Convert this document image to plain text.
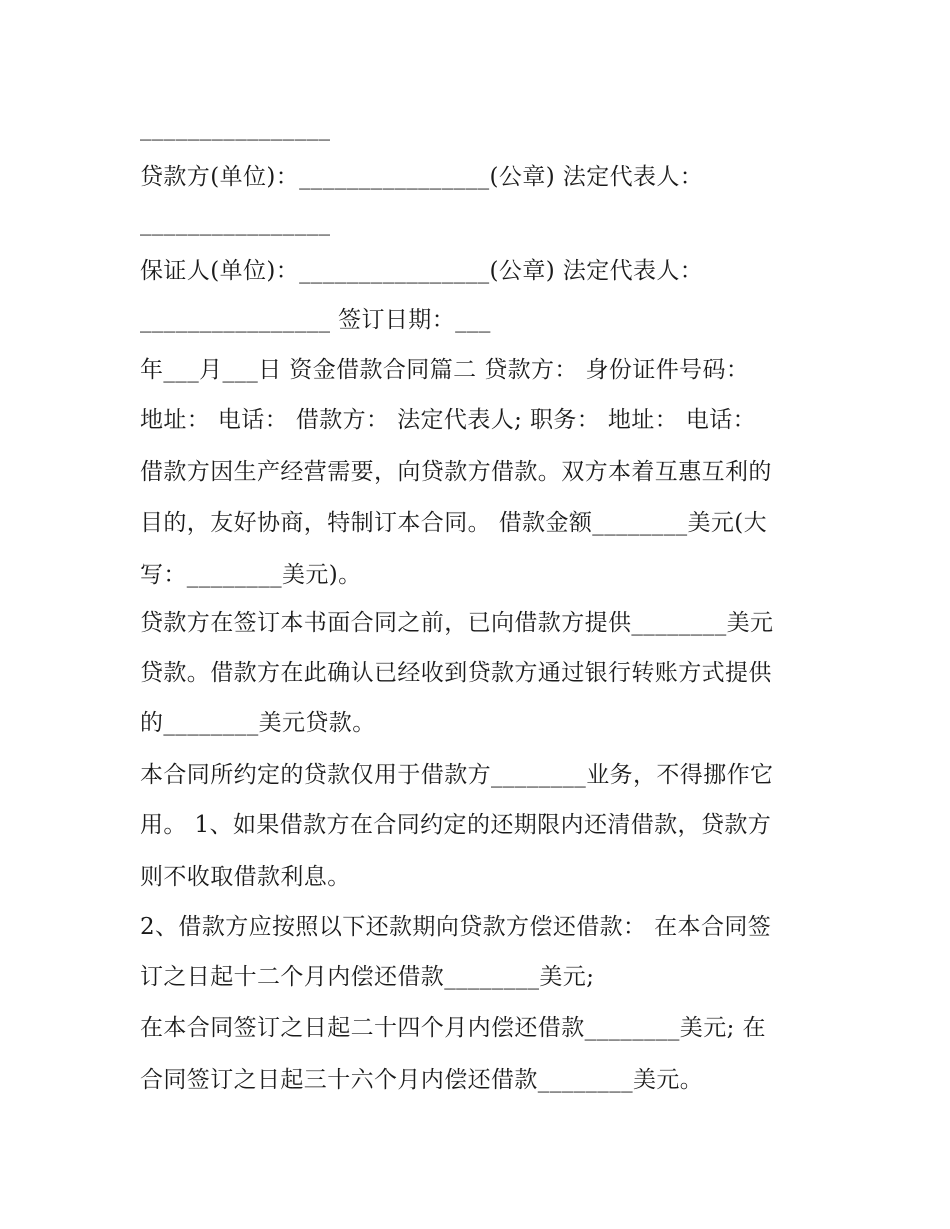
________________
贷款方(单位)：________________(公章) 法定代表人：
________________
保证人(单位)：________________(公章) 法定代表人：
________________ 签订日期：___
年___月___日 资金借款合同篇二 贷款方： 身份证件号码：
地址： 电话： 借款方： 法定代表人; 职务： 地址： 电话：
借款方因生产经营需要，向贷款方借款。双方本着互惠互利的
目的，友好协商，特制订本合同。 借款金额________美元(大
写：________美元)。
贷款方在签订本书面合同之前，已向借款方提供________美元
贷款。借款方在此确认已经收到贷款方通过银行转账方式提供
的________美元贷款。
本合同所约定的贷款仅用于借款方________业务，不得挪作它
用。 1、如果借款方在合同约定的还期限内还清借款，贷款方
则不收取借款利息。
2、借款方应按照以下还款期向贷款方偿还借款： 在本合同签
订之日起十二个月内偿还借款________美元;
在本合同签订之日起二十四个月内偿还借款________美元; 在
合同签订之日起三十六个月内偿还借款________美元。
